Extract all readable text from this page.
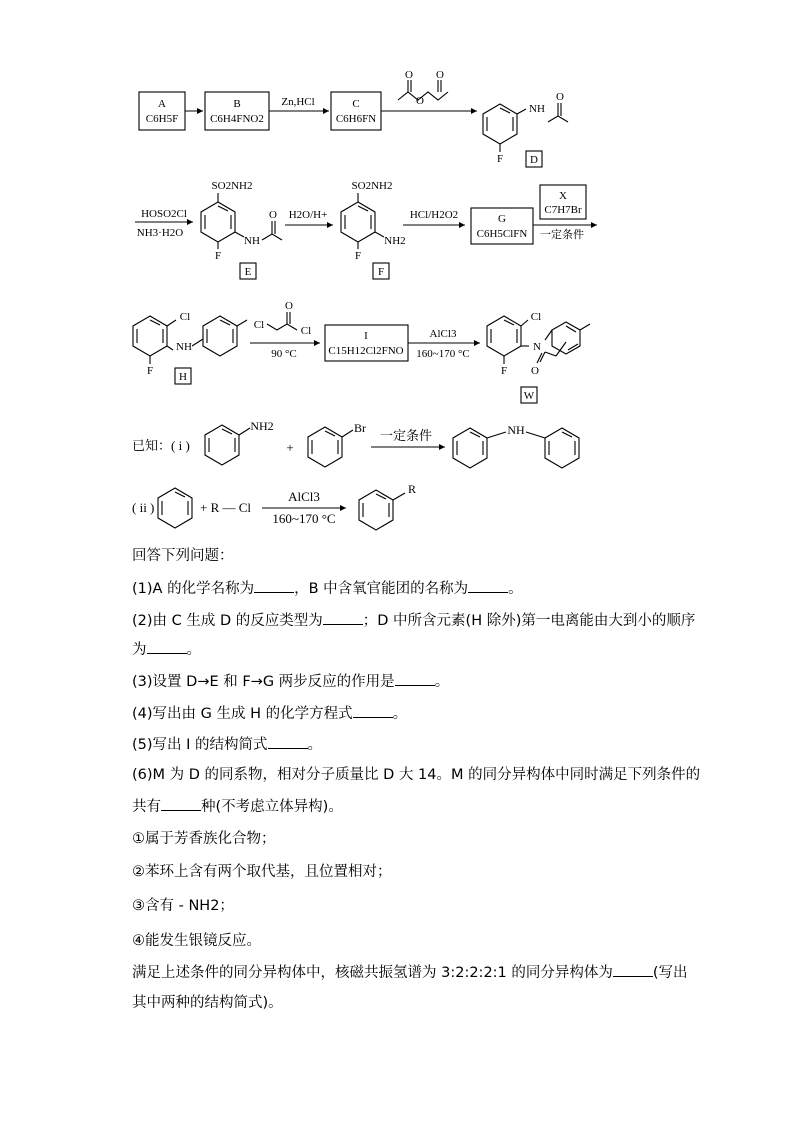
A
C6H5F
B
C6H4FNO2
C
C6H6FN
Zn,HCl	O
O O
NH
O
F D
HOSO2Cl
NH3·H2O
SO2NH2
NH
O
F
E
H2O/H+
SO2NH2
NH2
F
F
HCl/H2O2	G
C6H5ClFN
X
C7H7Br
一定条件
Cl
NH
F H
Cl
O
Cl
90 °C
I
C15H12Cl2FNO
AlCl3
160~170 °C
Cl
N
F O
W
已知：( i )
NH2
+
Br 一定条件	NH
( ii )	+ R — Cl
AlCl3
160~170 °C
R
回答下列问题：
(1)A 的化学名称为	，B 中含氧官能团的名称为	。
(2)由 C 生成 D 的反应类型为	；D 中所含元素(H 除外)第一电离能由大到小的顺序
为	。
(3)设置 D→E 和 F→G 两步反应的作用是	。
(4)写出由 G 生成 H 的化学方程式	。
(5)写出 I 的结构简式	。
(6)M 为 D 的同系物，相对分子质量比 D 大 14。M 的同分异构体中同时满足下列条件的
共有	种(不考虑立体异构)。
①属于芳香族化合物；
②苯环上含有两个取代基，且位置相对；
③含有 - NH2；
④能发生银镜反应。
满足上述条件的同分异构体中，核磁共振氢谱为 3:2:2:2:1 的同分异构体为	(写出
其中两种的结构简式)。
